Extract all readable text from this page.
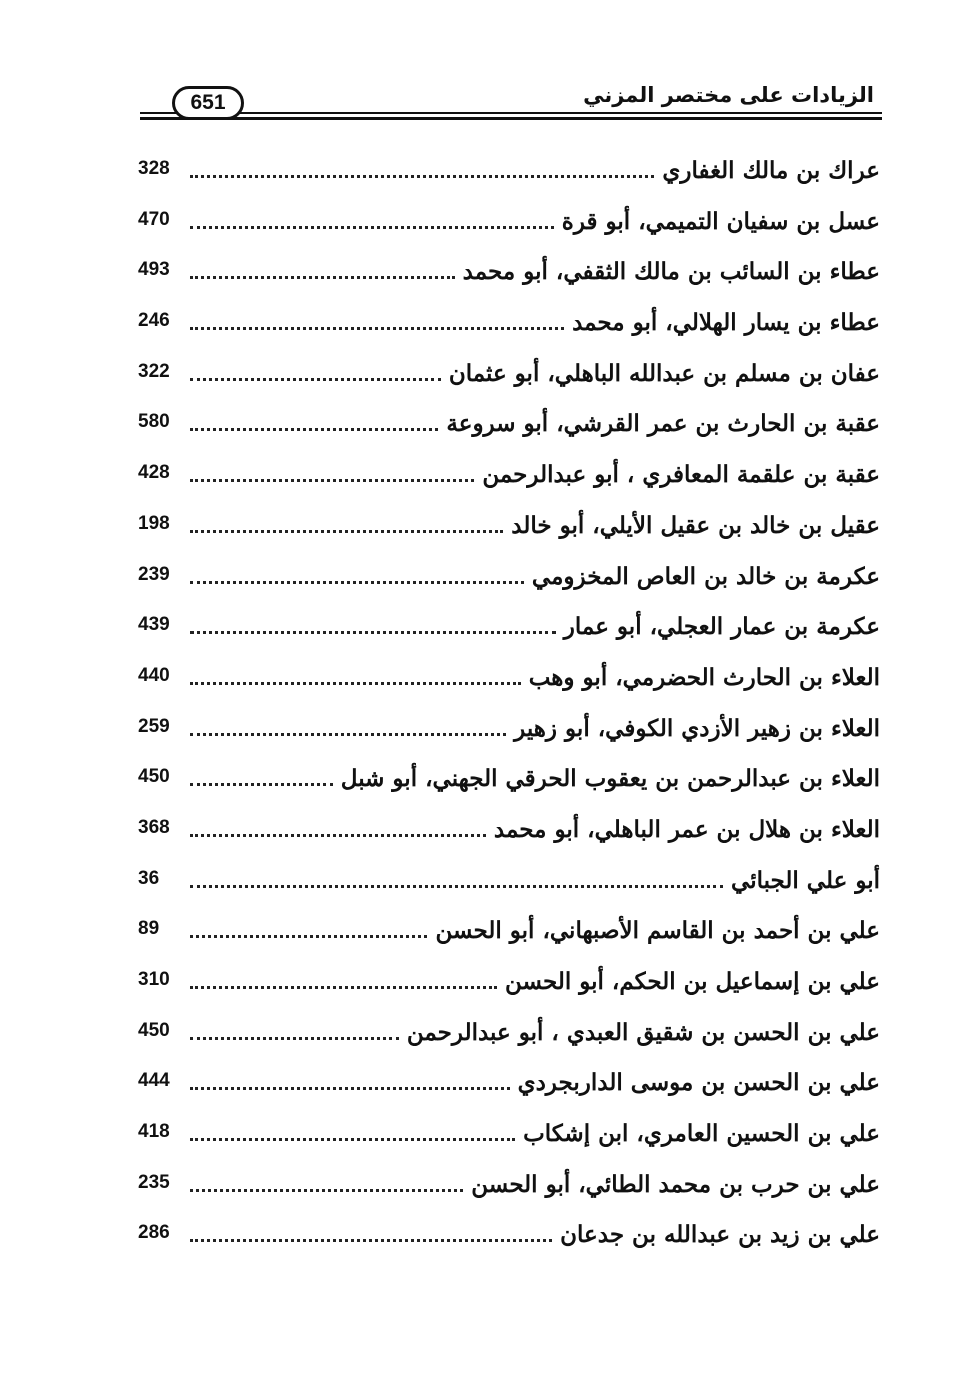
651	الزيادات على مختصر المزني
عراك بن مالك الغفاري
328
عسل بن سفيان التميمي، أبو قرة
470
عطاء بن السائب بن مالك الثقفي، أبو محمد
493
عطاء بن يسار الهلالي، أبو محمد
246
عفان بن مسلم بن عبدالله الباهلي، أبو عثمان
322
عقبة بن الحارث بن عمر القرشي، أبو سروعة
580
عقبة بن علقمة المعافري ، أبو عبدالرحمن
428
عقيل بن خالد بن عقيل الأيلي، أبو خالد
198
عكرمة بن خالد بن العاص المخزومي
239
عكرمة بن عمار العجلي، أبو عمار
439
العلاء بن الحارث الحضرمي، أبو وهب
440
العلاء بن زهير الأزدي الكوفي، أبو زهير
259
العلاء بن عبدالرحمن بن يعقوب الحرقي الجهني، أبو شبل
450
العلاء بن هلال بن عمر الباهلي، أبو محمد
368
أبو علي الجبائي
36
علي بن أحمد بن القاسم الأصبهاني، أبو الحسن
89
علي بن إسماعيل بن الحكم، أبو الحسن
310
علي بن الحسن بن شقيق العبدي ، أبو عبدالرحمن
450
علي بن الحسن بن موسى الداربجردي
444
علي بن الحسين العامري، ابن إشكاب
418
علي بن حرب بن محمد الطائي، أبو الحسن
235
علي بن زيد بن عبدالله بن جدعان
286
